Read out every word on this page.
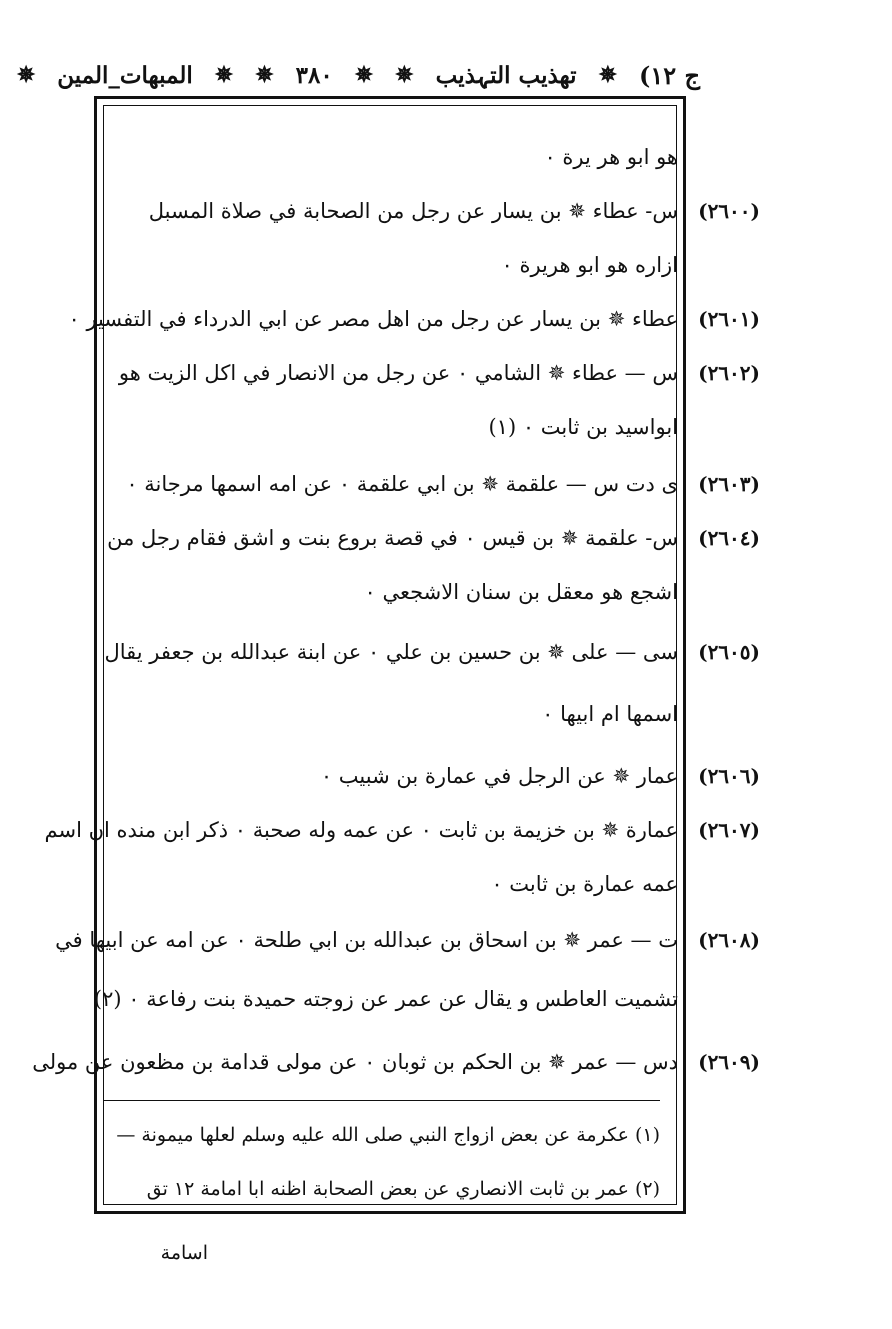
ج ۱۲)
✵
تهذیب التہذیب
✵
✵
۳۸۰
✵
✵
المبهات_المين
✵
هو ابو هر يرة ٠
(٢٦٠٠)
س- عطاء ✵ بن يسار عن رجل من الصحابة في صلاة المسبل
ازاره هو ابو هريرة ٠
(٢٦٠١)
عطاء ✵ بن يسار عن رجل من اهل مصر عن ابي الدرداء في التفسير ٠
(٢٦٠٢)
س — عطاء ✵ الشامي ٠ عن رجل من الانصار في اكل الزيت هو
ابواسيد بن ثابت ٠ (١)
(٢٦٠٣)
ى دت س — علقمة ✵ بن ابي علقمة ٠ عن امه اسمها مرجانة ٠
(٢٦٠٤)
س- علقمة ✵ بن قيس ٠ في قصة بروع بنت و اشق فقام رجل من
اشجع هو معقل بن سنان الاشجعي ٠
(٢٦٠٥)
سی — علی ✵ بن حسين بن علي ٠ عن ابنة عبدالله بن جعفر يقال
اسمها ام ابيها ٠
(٢٦٠٦)
عمار ✵ عن الرجل في عمارة بن شبيب ٠
(٢٦٠٧)
عمارة ✵ بن خزيمة بن ثابت ٠ عن عمه وله صحبة ٠ ذكر ابن منده ان اسم
عمه عمارة بن ثابت ٠
(٢٦٠٨)
ت — عمر ✵ بن اسحاق بن عبدالله بن ابي طلحة ٠ عن امه عن ابيها في
تشميت العاطس و يقال عن عمر عن زوجته حميدة بنت رفاعة ٠ (٢)
(٢٦٠٩)
دس — عمر ✵ بن الحكم بن ثوبان ٠ عن مولى قدامة بن مظعون عن مولى
(١) عكرمة عن بعض ازواج النبي صلى الله عليه وسلم لعلها ميمونة —
(٢) عمر بن ثابت الانصاري عن بعض الصحابة اظنه ابا امامة ١٢ تق
اسامة
